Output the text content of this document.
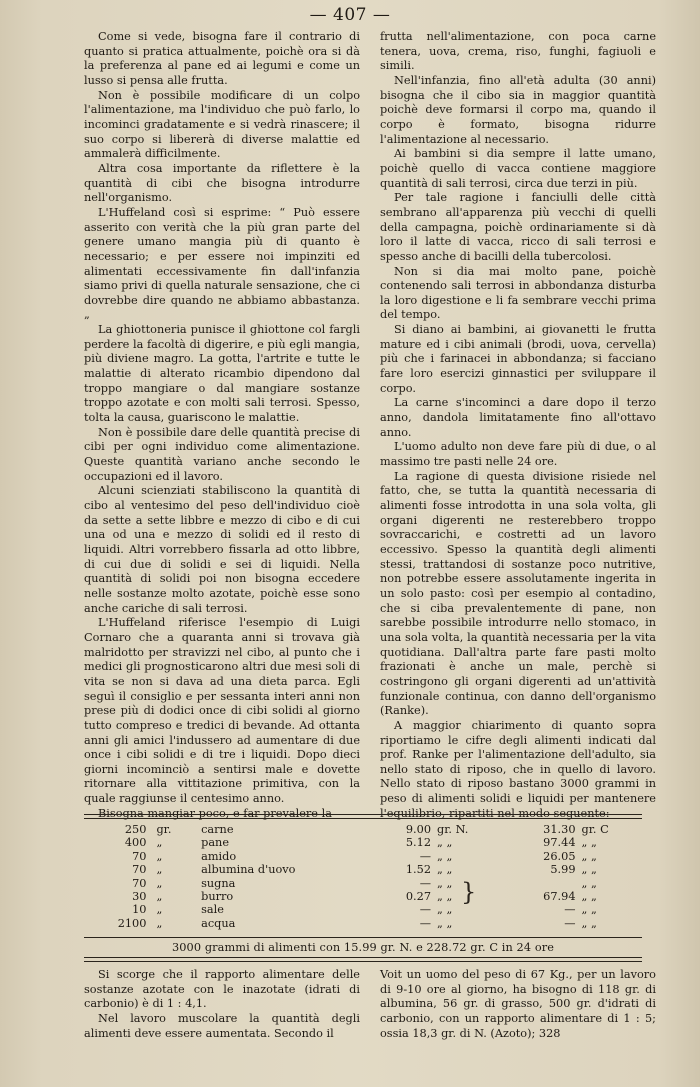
— 407 —

Come si vede, bisogna fare il contrario di quanto si pratica attualmente, poichè ora si dà la preferenza al pane ed ai legumi e come un lusso si pensa alle frutta.

Non è possibile modificare di un colpo l'alimentazione, ma l'individuo che può farlo, lo incominci gradatamente e si vedrà rinascere; il suo corpo si libererà di diverse malattie ed ammalerà difficilmente.

Altra cosa importante da riflettere è la quantità di cibi che bisogna introdurre nell'organismo.

L'Huffeland così si esprime: “ Può essere asserito con verità che la più gran parte del genere umano mangia più di quanto è necessario; e per essere noi impinziti ed alimentati eccessivamente fin dall'infanzia siamo privi di quella naturale sensazione, che ci dovrebbe dire quando ne abbiamo abbastanza. „

La ghiottoneria punisce il ghiottone col fargli perdere la facoltà di digerire, e più egli mangia, più diviene magro. La gotta, l'artrite e tutte le malattie di alterato ricambio dipendono dal troppo mangiare o dal mangiare sostanze troppo azotate e con molti sali terrosi. Spesso, tolta la causa, guariscono le malattie.

Non è possibile dare delle quantità precise di cibi per ogni individuo come alimentazione. Queste quantità variano anche secondo le occupazioni ed il lavoro.

Alcuni scienziati stabiliscono la quantità di cibo al ventesimo del peso dell'individuo cioè da sette a sette libbre e mezzo di cibo e di cui una od una e mezzo di solidi ed il resto di liquidi. Altri vorrebbero fissarla ad otto libbre, di cui due di solidi e sei di liquidi. Nella quantità di solidi poi non bisogna eccedere nelle sostanze molto azotate, poichè esse sono anche cariche di sali terrosi.

L'Huffeland riferisce l'esempio di Luigi Cornaro che a quaranta anni si trovava già malridotto per stravizzi nel cibo, al punto che i medici gli prognosticarono altri due mesi soli di vita se non si dava ad una dieta parca. Egli seguì il consiglio e per sessanta interi anni non prese più di dodici once di cibi solidi al giorno tutto compreso e tredici di bevande. Ad ottanta anni gli amici l'indussero ad aumentare di due once i cibi solidi e di tre i liquidi. Dopo dieci giorni incominciò a sentirsi male e dovette ritornare alla vittitazione primitiva, con la quale raggiunse il centesimo anno.

Bisogna mangiar poco, e far prevalere la

frutta nell'alimentazione, con poca carne tenera, uova, crema, riso, funghi, fagiuoli e simili.

Nell'infanzia, fino all'età adulta (30 anni) bisogna che il cibo sia in maggior quantità poichè deve formarsi il corpo ma, quando il corpo è formato, bisogna ridurre l'alimentazione al necessario.

Ai bambini si dia sempre il latte umano, poichè quello di vacca contiene maggiore quantità di sali terrosi, circa due terzi in più.

Per tale ragione i fanciulli delle città sembrano all'apparenza più vecchi di quelli della campagna, poichè ordinariamente si dà loro il latte di vacca, ricco di sali terrosi e spesso anche di bacilli della tubercolosi.

Non si dia mai molto pane, poichè contenendo sali terrosi in abbondanza disturba la loro digestione e li fa sembrare vecchi prima del tempo.

Si diano ai bambini, ai giovanetti le frutta mature ed i cibi animali (brodi, uova, cervella) più che i farinacei in abbondanza; si facciano fare loro esercizi ginnastici per sviluppare il corpo.

La carne s'incominci a dare dopo il terzo anno, dandola limitatamente fino all'ottavo anno.

L'uomo adulto non deve fare più di due, o al massimo tre pasti nelle 24 ore.

La ragione di questa divisione risiede nel fatto, che, se tutta la quantità necessaria di alimenti fosse introdotta in una sola volta, gli organi digerenti ne resterebbero troppo sovraccarichi, e costretti ad un lavoro eccessivo. Spesso la quantità degli alimenti stessi, trattandosi di sostanze poco nutritive, non potrebbe essere assolutamente ingerita in un solo pasto: così per esempio al contadino, che si ciba prevalentemente di pane, non sarebbe possibile introdurre nello stomaco, in una sola volta, la quantità necessaria per la vita quotidiana. Dall'altra parte fare pasti molto frazionati è anche un male, perchè si costringono gli organi digerenti ad un'attività funzionale continua, con danno dell'organismo (Ranke).

A maggior chiarimento di quanto sopra riportiamo le cifre degli alimenti indicati dal prof. Ranke per l'alimentazione dell'adulto, sia nello stato di riposo, che in quello di lavoro. Nello stato di riposo bastano 3000 grammi in peso di alimenti solidi e liquidi per mantenere l'equilibrio, ripartiti nel modo seguente:

250	gr.	carne	9.00	gr. N.	31.30	gr. C
400	„	pane	5.12	„ „	97.44	„ „
70	„	amido	—	„ „	26.05	„ „
70	„	albumina d'uovo	1.52	„ „	5.99	„ „
70	„	sugna	—	„ „		„ „
30	„	burro	0.27	„ „	67.94	„ „
10	„	sale	—	„ „	—	„ „
2100	„	acqua	—	„ „	—	„ „
}
3000 grammi di alimenti con 15.99 gr. N. e 228.72 gr. C in 24 ore

Si scorge che il rapporto alimentare delle sostanze azotate con le inazotate (idrati di carbonio) è di 1 : 4,1.

Nel lavoro muscolare la quantità degli alimenti deve essere aumentata. Secondo il

Voit un uomo del peso di 67 Kg., per un lavoro di 9-10 ore al giorno, ha bisogno di 118 gr. di albumina, 56 gr. di grasso, 500 gr. d'idrati di carbonio, con un rapporto alimentare di 1 : 5; ossia 18,3 gr. di N. (Azoto); 328
